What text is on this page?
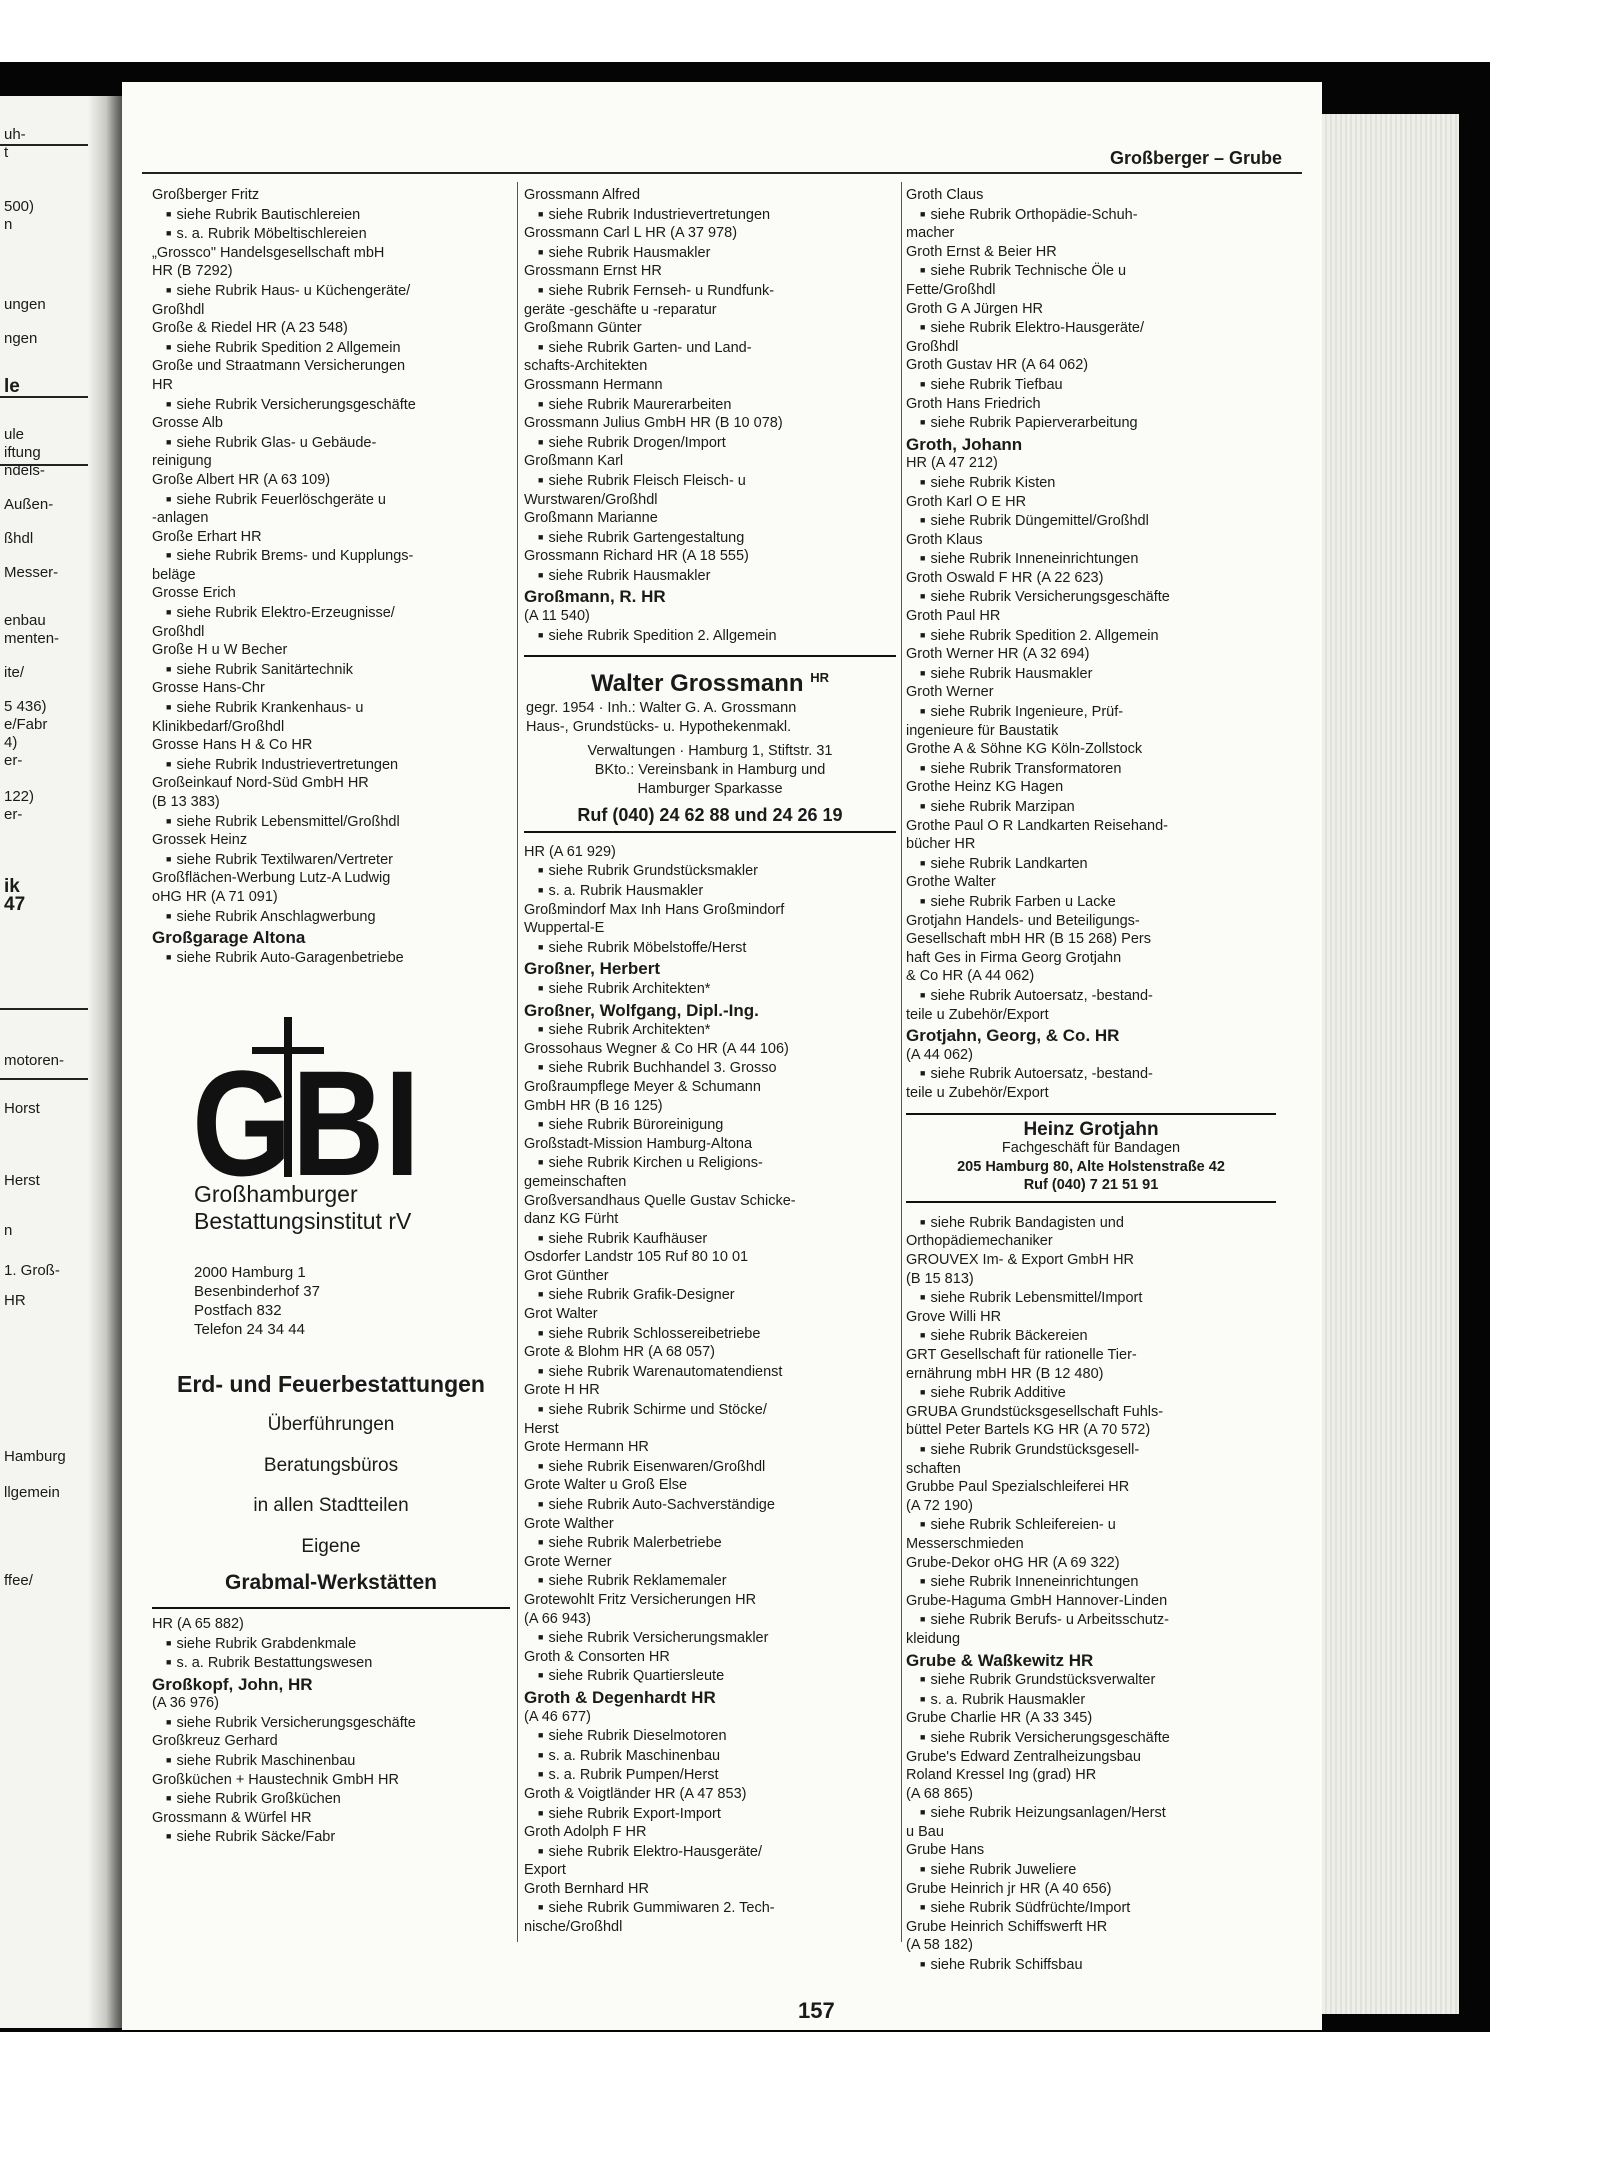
uh-
t
500)
n
ungen
ngen
le
ule
iftung
ndels-
Außen-
ßhdl
Messer-
enbau
menten-
ite/
5 436)
e/Fabr
4)
er-
122)
er-
ik
47
motoren-
Horst
Herst
n
1. Groß-
HR
Hamburg
llgemein
ffee/
Großberger – Grube
Großberger Fritz
■ siehe Rubrik Bautischlereien
■ s. a. Rubrik Möbeltischlereien
„Grossco" Handelsgesellschaft mbH
HR (B 7292)
■ siehe Rubrik Haus- u Küchengeräte/
Großhdl
Große & Riedel HR (A 23 548)
■ siehe Rubrik Spedition 2 Allgemein
Große und Straatmann Versicherungen
HR
■ siehe Rubrik Versicherungsgeschäfte
Grosse Alb
■ siehe Rubrik Glas- u Gebäude-
reinigung
Große Albert HR (A 63 109)
■ siehe Rubrik Feuerlöschgeräte u
-anlagen
Große Erhart HR
■ siehe Rubrik Brems- und Kupplungs-
beläge
Grosse Erich
■ siehe Rubrik Elektro-Erzeugnisse/
Großhdl
Große H u W Becher
■ siehe Rubrik Sanitärtechnik
Grosse Hans-Chr
■ siehe Rubrik Krankenhaus- u
Klinikbedarf/Großhdl
Grosse Hans H & Co HR
■ siehe Rubrik Industrievertretungen
Großeinkauf Nord-Süd GmbH HR
(B 13 383)
■ siehe Rubrik Lebensmittel/Großhdl
Grossek Heinz
■ siehe Rubrik Textilwaren/Vertreter
Großflächen-Werbung Lutz-A Ludwig
oHG HR (A 71 091)
■ siehe Rubrik Anschlagwerbung
Großgarage Altona
■ siehe Rubrik Auto-Garagenbetriebe
GBI
Großhamburger
Bestattungsinstitut rV
2000 Hamburg 1
Besenbinderhof 37
Postfach 832
Telefon 24 34 44
Erd- und Feuerbestattungen
Überführungen
Beratungsbüros
in allen Stadtteilen
Eigene
Grabmal-Werkstätten
HR (A 65 882)
■ siehe Rubrik Grabdenkmale
■ s. a. Rubrik Bestattungswesen
Großkopf, John, HR
(A 36 976)
■ siehe Rubrik Versicherungsgeschäfte
Großkreuz Gerhard
■ siehe Rubrik Maschinenbau
Großküchen + Haustechnik GmbH HR
■ siehe Rubrik Großküchen
Grossmann & Würfel HR
■ siehe Rubrik Säcke/Fabr
Grossmann Alfred
■ siehe Rubrik Industrievertretungen
Grossmann Carl L HR (A 37 978)
■ siehe Rubrik Hausmakler
Grossmann Ernst HR
■ siehe Rubrik Fernseh- u Rundfunk-
geräte -geschäfte u -reparatur
Großmann Günter
■ siehe Rubrik Garten- und Land-
schafts-Architekten
Grossmann Hermann
■ siehe Rubrik Maurerarbeiten
Grossmann Julius GmbH HR (B 10 078)
■ siehe Rubrik Drogen/Import
Großmann Karl
■ siehe Rubrik Fleisch Fleisch- u
Wurstwaren/Großhdl
Großmann Marianne
■ siehe Rubrik Gartengestaltung
Grossmann Richard HR (A 18 555)
■ siehe Rubrik Hausmakler
Großmann, R. HR
(A 11 540)
■ siehe Rubrik Spedition 2. Allgemein
Walter Grossmann $^{HR}$
gegr. 1954 · Inh.: Walter G. A. Grossmann
Haus-, Grundstücks- u. Hypothekenmakl.
Verwaltungen · Hamburg 1, Stiftstr. 31
BKto.: Vereinsbank in Hamburg und
Hamburger Sparkasse
Ruf (040) 24 62 88 und 24 26 19
HR (A 61 929)
■ siehe Rubrik Grundstücksmakler
■ s. a. Rubrik Hausmakler
Großmindorf Max Inh Hans Großmindorf
Wuppertal-E
■ siehe Rubrik Möbelstoffe/Herst
Großner, Herbert
■ siehe Rubrik Architekten*
Großner, Wolfgang, Dipl.-Ing.
■ siehe Rubrik Architekten*
Grossohaus Wegner & Co HR (A 44 106)
■ siehe Rubrik Buchhandel 3. Grosso
Großraumpflege Meyer & Schumann
GmbH HR (B 16 125)
■ siehe Rubrik Büroreinigung
Großstadt-Mission Hamburg-Altona
■ siehe Rubrik Kirchen u Religions-
gemeinschaften
Großversandhaus Quelle Gustav Schicke-
danz KG Fürht
■ siehe Rubrik Kaufhäuser
Osdorfer Landstr 105 Ruf 80 10 01
Grot Günther
■ siehe Rubrik Grafik-Designer
Grot Walter
■ siehe Rubrik Schlossereibetriebe
Grote & Blohm HR (A 68 057)
■ siehe Rubrik Warenautomatendienst
Grote H HR
■ siehe Rubrik Schirme und Stöcke/
Herst
Grote Hermann HR
■ siehe Rubrik Eisenwaren/Großhdl
Grote Walter u Groß Else
■ siehe Rubrik Auto-Sachverständige
Grote Walther
■ siehe Rubrik Malerbetriebe
Grote Werner
■ siehe Rubrik Reklamemaler
Grotewohlt Fritz Versicherungen HR
(A 66 943)
■ siehe Rubrik Versicherungsmakler
Groth & Consorten HR
■ siehe Rubrik Quartiersleute
Groth & Degenhardt HR
(A 46 677)
■ siehe Rubrik Dieselmotoren
■ s. a. Rubrik Maschinenbau
■ s. a. Rubrik Pumpen/Herst
Groth & Voigtländer HR (A 47 853)
■ siehe Rubrik Export-Import
Groth Adolph F HR
■ siehe Rubrik Elektro-Hausgeräte/
Export
Groth Bernhard HR
■ siehe Rubrik Gummiwaren 2. Tech-
nische/Großhdl
Groth Claus
■ siehe Rubrik Orthopädie-Schuh-
macher
Groth Ernst & Beier HR
■ siehe Rubrik Technische Öle u
Fette/Großhdl
Groth G A Jürgen HR
■ siehe Rubrik Elektro-Hausgeräte/
Großhdl
Groth Gustav HR (A 64 062)
■ siehe Rubrik Tiefbau
Groth Hans Friedrich
■ siehe Rubrik Papierverarbeitung
Groth, Johann
HR (A 47 212)
■ siehe Rubrik Kisten
Groth Karl O E HR
■ siehe Rubrik Düngemittel/Großhdl
Groth Klaus
■ siehe Rubrik Inneneinrichtungen
Groth Oswald F HR (A 22 623)
■ siehe Rubrik Versicherungsgeschäfte
Groth Paul HR
■ siehe Rubrik Spedition 2. Allgemein
Groth Werner HR (A 32 694)
■ siehe Rubrik Hausmakler
Groth Werner
■ siehe Rubrik Ingenieure, Prüf-
ingenieure für Baustatik
Grothe A & Söhne KG Köln-Zollstock
■ siehe Rubrik Transformatoren
Grothe Heinz KG Hagen
■ siehe Rubrik Marzipan
Grothe Paul O R Landkarten Reisehand-
bücher HR
■ siehe Rubrik Landkarten
Grothe Walter
■ siehe Rubrik Farben u Lacke
Grotjahn Handels- und Beteiligungs-
Gesellschaft mbH HR (B 15 268) Pers
haft Ges in Firma Georg Grotjahn
& Co HR (A 44 062)
■ siehe Rubrik Autoersatz, -bestand-
teile u Zubehör/Export
Grotjahn, Georg, & Co. HR
(A 44 062)
■ siehe Rubrik Autoersatz, -bestand-
teile u Zubehör/Export
Heinz Grotjahn
Fachgeschäft für Bandagen
205 Hamburg 80, Alte Holstenstraße 42
Ruf (040) 7 21 51 91
■ siehe Rubrik Bandagisten und
Orthopädiemechaniker
GROUVEX Im- & Export GmbH HR
(B 15 813)
■ siehe Rubrik Lebensmittel/Import
Grove Willi HR
■ siehe Rubrik Bäckereien
GRT Gesellschaft für rationelle Tier-
ernährung mbH HR (B 12 480)
■ siehe Rubrik Additive
GRUBA Grundstücksgesellschaft Fuhls-
büttel Peter Bartels KG HR (A 70 572)
■ siehe Rubrik Grundstücksgesell-
schaften
Grubbe Paul Spezialschleiferei HR
(A 72 190)
■ siehe Rubrik Schleifereien- u
Messerschmieden
Grube-Dekor oHG HR (A 69 322)
■ siehe Rubrik Inneneinrichtungen
Grube-Haguma GmbH Hannover-Linden
■ siehe Rubrik Berufs- u Arbeitsschutz-
kleidung
Grube & Waßkewitz HR
■ siehe Rubrik Grundstücksverwalter
■ s. a. Rubrik Hausmakler
Grube Charlie HR (A 33 345)
■ siehe Rubrik Versicherungsgeschäfte
Grube's Edward Zentralheizungsbau
Roland Kressel Ing (grad) HR
(A 68 865)
■ siehe Rubrik Heizungsanlagen/Herst
u Bau
Grube Hans
■ siehe Rubrik Juweliere
Grube Heinrich jr HR (A 40 656)
■ siehe Rubrik Südfrüchte/Import
Grube Heinrich Schiffswerft HR
(A 58 182)
■ siehe Rubrik Schiffsbau
157
